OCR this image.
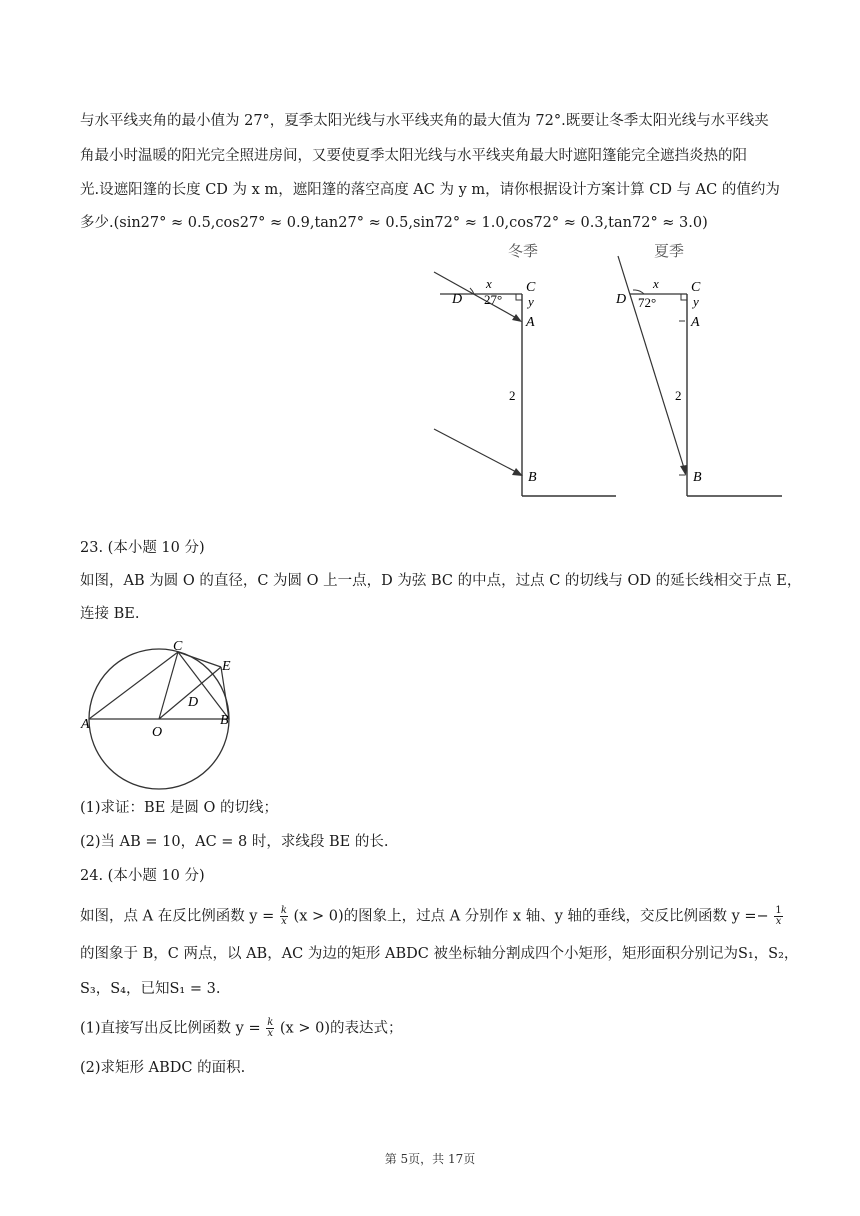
与水平线夹角的最小值为 27°，夏季太阳光线与水平线夹角的最大值为 72°.既要让冬季太阳光线与水平线夹
角最小时温暖的阳光完全照进房间，又要使夏季太阳光线与水平线夹角最大时遮阳篷能完全遮挡炎热的阳
光.设遮阳篷的长度 CD 为 x m，遮阳篷的落空高度 AC 为 y m，请你根据设计方案计算 CD 与 AC 的值约为
多少.(sin27° ≈ 0.5,cos27° ≈ 0.9,tan27° ≈ 0.5,sin72° ≈ 1.0,cos72° ≈ 0.3,tan72° ≈ 3.0)
冬季
x
27°
D
C
y
A
2
B
夏季
x
72°
D
C
y
A
2
B
23. (本小题 10 分)
如图，AB 为圆 O 的直径，C 为圆 O 上一点，D 为弦 BC 的中点，过点 C 的切线与 OD 的延长线相交于点 E，
连接 BE.
C
E
D
A	B
O
(1)求证：BE 是圆 O 的切线；
(2)当 AB = 10，AC = 8 时，求线段 BE 的长.
24. (本小题 10 分)
如图，点 A 在反比例函数 $y = \frac{k}{x} (x > 0)$的图象上，过点 A 分别作 x 轴、y 轴的垂线，交反比例函数 $y =- \frac{1}{x}$
的图象于 B，C 两点，以 AB，AC 为边的矩形 ABDC 被坐标轴分割成四个小矩形，矩形面积分别记为S₁，S₂，
S₃，S₄，已知S₁ = 3.
(1)直接写出反比例函数 $y = \frac{k}{x} (x > 0)$的表达式；
(2)求矩形 ABDC 的面积.
第 5页，共 17页
